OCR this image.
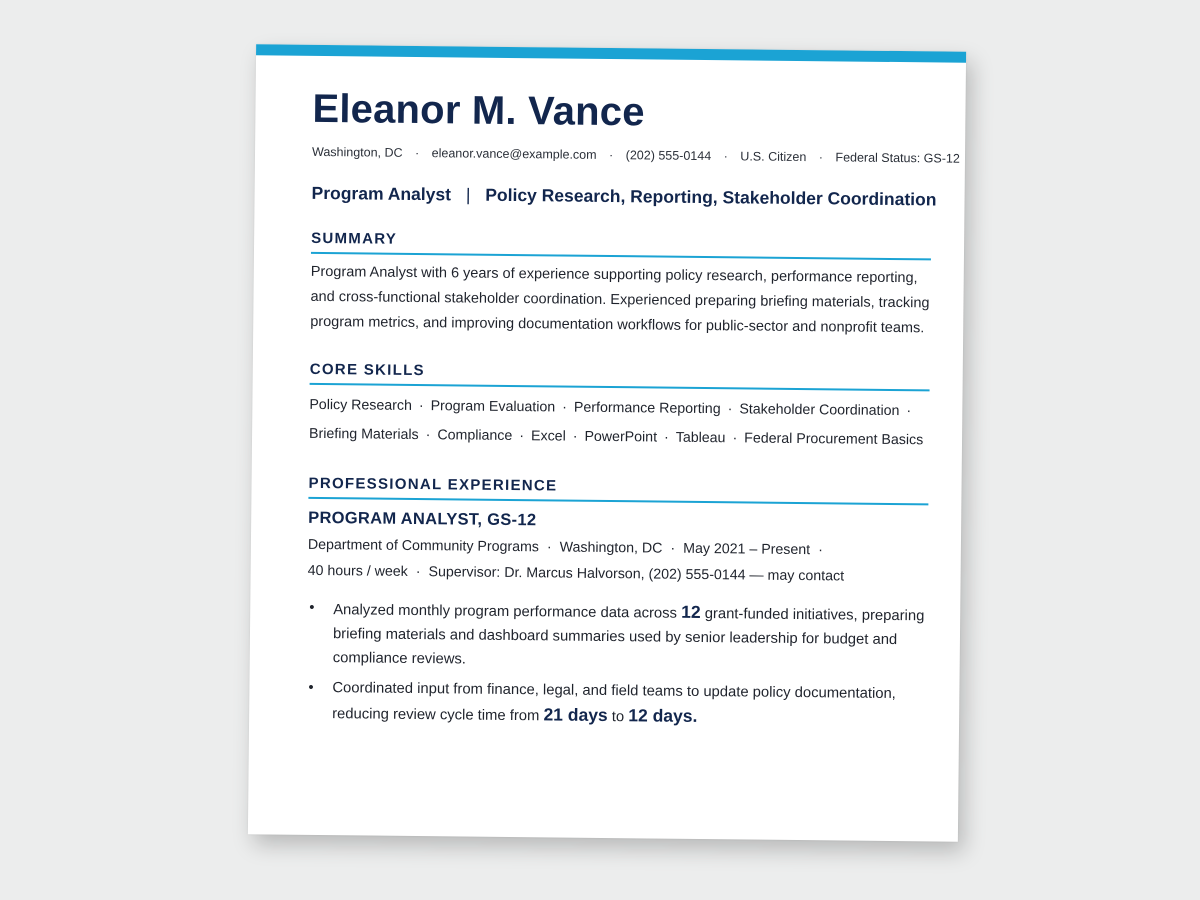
Eleanor M. Vance
Washington, DC · eleanor.vance@example.com · (202) 555-0144 · U.S. Citizen · Federal Status: GS-12
Program Analyst | Policy Research, Reporting, Stakeholder Coordination
SUMMARY
Program Analyst with 6 years of experience supporting policy research, performance reporting, and cross-functional stakeholder coordination. Experienced preparing briefing materials, tracking program metrics, and improving documentation workflows for public-sector and nonprofit teams.
CORE SKILLS
Policy Research · Program Evaluation · Performance Reporting · Stakeholder Coordination ·
Briefing Materials · Compliance · Excel · PowerPoint · Tableau · Federal Procurement Basics
PROFESSIONAL EXPERIENCE
PROGRAM ANALYST, GS-12
Department of Community Programs · Washington, DC · May 2021 – Present ·
40 hours / week · Supervisor: Dr. Marcus Halvorson, (202) 555-0144 — may contact
• Analyzed monthly program performance data across 12 grant-funded initiatives, preparing briefing materials and dashboard summaries used by senior leadership for budget and compliance reviews.
• Coordinated input from finance, legal, and field teams to update policy documentation, reducing review cycle time from 21 days to 12 days.
